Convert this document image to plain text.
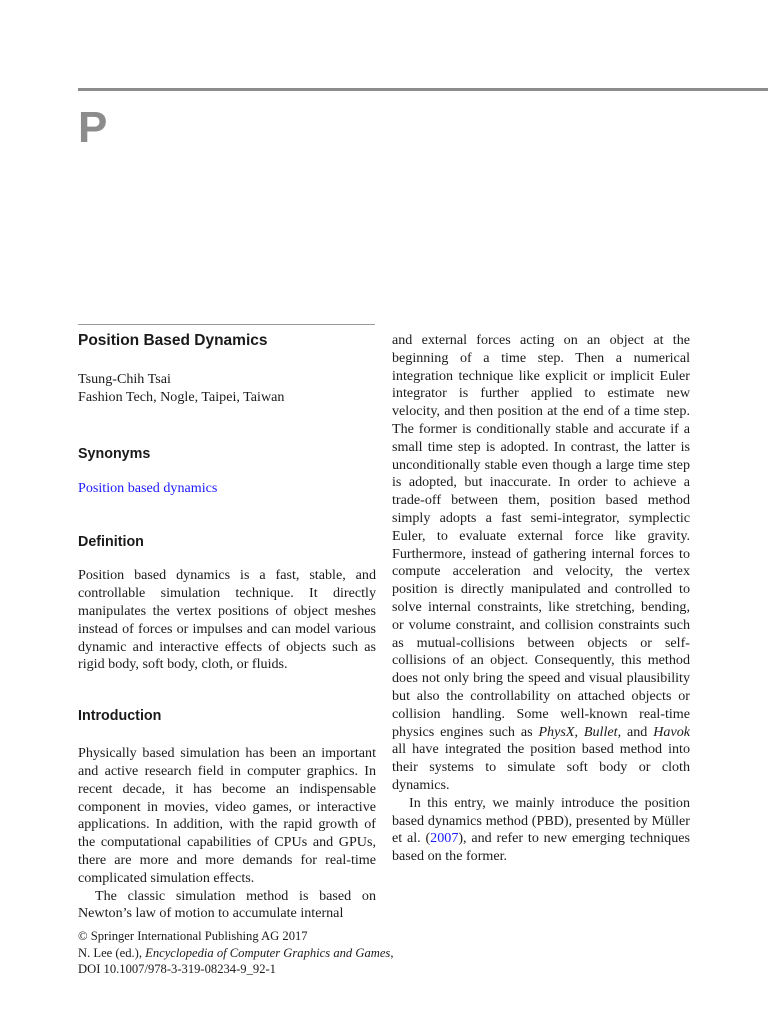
P
Position Based Dynamics

Tsung-Chih Tsai

Fashion Tech, Nogle, Taipei, Taiwan

Synonyms

Position based dynamics

Definition

Position based dynamics is a fast, stable, and controllable simulation technique. It directly manipulates the vertex positions of object meshes instead of forces or impulses and can model various dynamic and interactive effects of objects such as rigid body, soft body, cloth, or fluids.

Introduction

Physically based simulation has been an important and active research field in computer graphics. In recent decade, it has become an indispensable component in movies, video games, or interactive applications. In addition, with the rapid growth of the computational capabilities of CPUs and GPUs, there are more and more demands for real-time complicated simulation effects.

The classic simulation method is based on Newton’s law of motion to accumulate internal

and external forces acting on an object at the beginning of a time step. Then a numerical integration technique like explicit or implicit Euler integrator is further applied to estimate new velocity, and then position at the end of a time step. The former is conditionally stable and accurate if a small time step is adopted. In contrast, the latter is unconditionally stable even though a large time step is adopted, but inaccurate. In order to achieve a trade-off between them, position based method simply adopts a fast semi-integrator, symplectic Euler, to evaluate external force like gravity. Furthermore, instead of gathering internal forces to compute acceleration and velocity, the vertex position is directly manipulated and controlled to solve internal constraints, like stretching, bending, or volume constraint, and collision constraints such as mutual-collisions between objects or self-collisions of an object. Consequently, this method does not only bring the speed and visual plausibility but also the controllability on attached objects or collision handling. Some well-known real-time physics engines such as PhysX, Bullet, and Havok all have integrated the position based method into their systems to simulate soft body or cloth dynamics.

In this entry, we mainly introduce the position based dynamics method (PBD), presented by Müller et al. (2007), and refer to new emerging techniques based on the former.

© Springer International Publishing AG 2017

N. Lee (ed.), Encyclopedia of Computer Graphics and Games,

DOI 10.1007/978-3-319-08234-9_92-1
